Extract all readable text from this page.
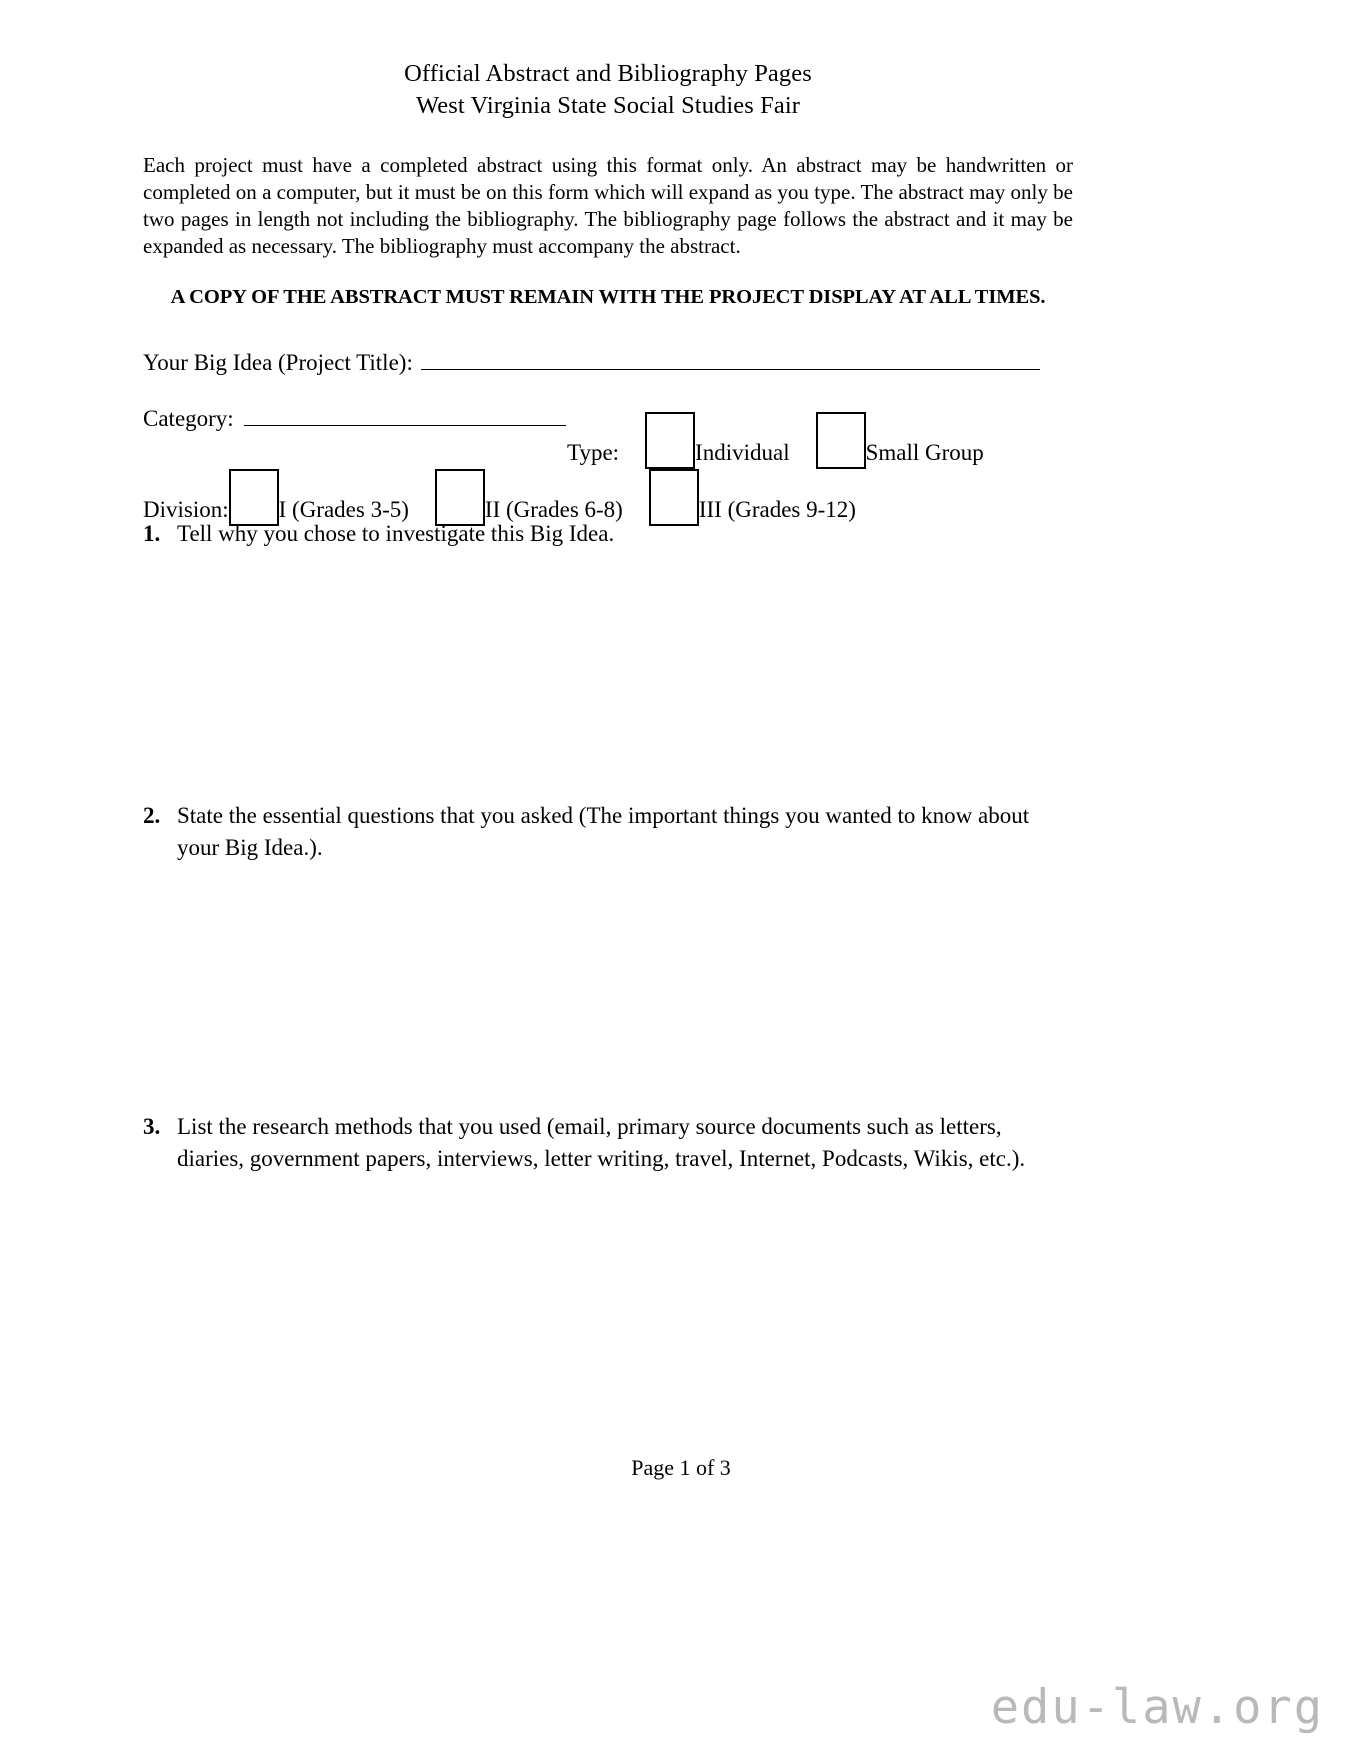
Official Abstract and Bibliography Pages
West Virginia State Social Studies Fair
Each project must have a completed abstract using this format only. An abstract may be handwritten or completed on a computer, but it must be on this form which will expand as you type. The abstract may only be two pages in length not including the bibliography. The bibliography page follows the abstract and it may be expanded as necessary. The bibliography must accompany the abstract.
A COPY OF THE ABSTRACT MUST REMAIN WITH THE PROJECT DISPLAY AT ALL TIMES.
Your Big Idea (Project Title):
Category:
Type:	Individual	Small Group
Division: I (Grades 3-5)	II (Grades 6-8)	III (Grades 9-12)
1. Tell why you chose to investigate this Big Idea.
2. State the essential questions that you asked (The important things you wanted to know about your Big Idea.).
3. List the research methods that you used (email, primary source documents such as letters, diaries, government papers, interviews, letter writing, travel, Internet, Podcasts, Wikis, etc.).
Page 1 of 3
edu-law.org
